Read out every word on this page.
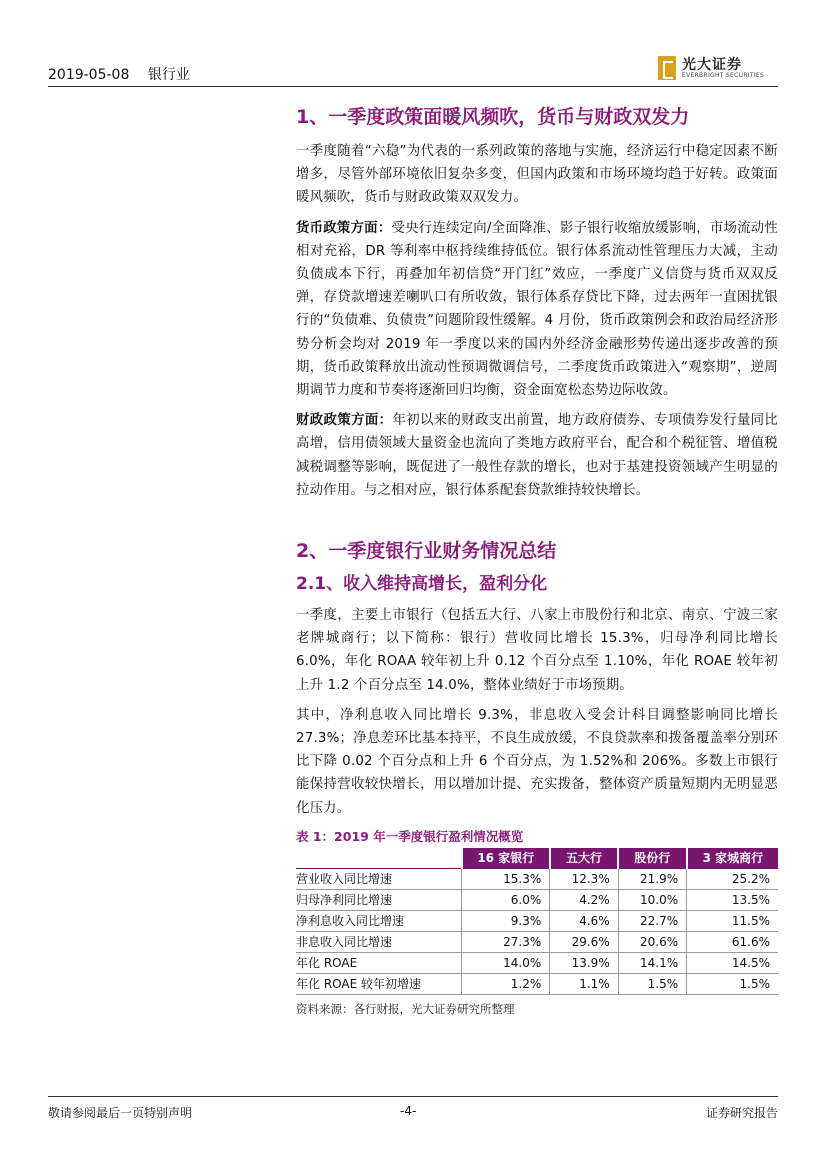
2019-05-08 银行业
光大证券
EVERBRIGHT SECURITIES
1、一季度政策面暖风频吹，货币与财政双发力

一季度随着“六稳”为代表的一系列政策的落地与实施，经济运行中稳定因素不断增多，尽管外部环境依旧复杂多变，但国内政策和市场环境均趋于好转。政策面暖风频吹，货币与财政政策双双发力。

货币政策方面：受央行连续定向/全面降准、影子银行收缩放缓影响，市场流动性相对充裕，DR 等利率中枢持续维持低位。银行体系流动性管理压力大减，主动负债成本下行，再叠加年初信贷“开门红”效应，一季度广义信贷与货币双双反弹，存贷款增速差喇叭口有所收敛，银行体系存贷比下降，过去两年一直困扰银行的“负债难、负债贵”问题阶段性缓解。4 月份，货币政策例会和政治局经济形势分析会均对 2019 年一季度以来的国内外经济金融形势传递出逐步改善的预期，货币政策释放出流动性预调微调信号，二季度货币政策进入“观察期”，逆周期调节力度和节奏将逐渐回归均衡，资金面宽松态势边际收敛。

财政政策方面：年初以来的财政支出前置，地方政府债券、专项债券发行量同比高增，信用债领域大量资金也流向了类地方政府平台，配合和个税征管、增值税减税调整等影响，既促进了一般性存款的增长，也对于基建投资领域产生明显的拉动作用。与之相对应，银行体系配套贷款维持较快增长。

2、一季度银行业财务情况总结
2.1、收入维持高增长，盈利分化

一季度，主要上市银行（包括五大行、八家上市股份行和北京、南京、宁波三家老牌城商行；以下简称：银行）营收同比增长 15.3%，归母净利同比增长 6.0%，年化 ROAA 较年初上升 0.12 个百分点至 1.10%，年化 ROAE 较年初上升 1.2 个百分点至 14.0%，整体业绩好于市场预期。

其中，净利息收入同比增长 9.3%，非息收入受会计科目调整影响同比增长 27.3%；净息差环比基本持平，不良生成放缓，不良贷款率和拨备覆盖率分别环比下降 0.02 个百分点和上升 6 个百分点，为 1.52%和 206%。多数上市银行能保持营收较快增长，用以增加计提、充实拨备，整体资产质量短期内无明显恶化压力。

表 1：2019 年一季度银行盈利情况概览
	16 家银行	五大行	股份行	3 家城商行
营业收入同比增速	15.3%	12.3%	21.9%	25.2%
归母净利同比增速	6.0%	4.2%	10.0%	13.5%
净利息收入同比增速	9.3%	4.6%	22.7%	11.5%
非息收入同比增速	27.3%	29.6%	20.6%	61.6%
年化 ROAE	14.0%	13.9%	14.1%	14.5%
年化 ROAE 较年初增速	1.2%	1.1%	1.5%	1.5%
资料来源：各行财报，光大证券研究所整理
敬请参阅最后一页特别声明	-4-	证券研究报告
